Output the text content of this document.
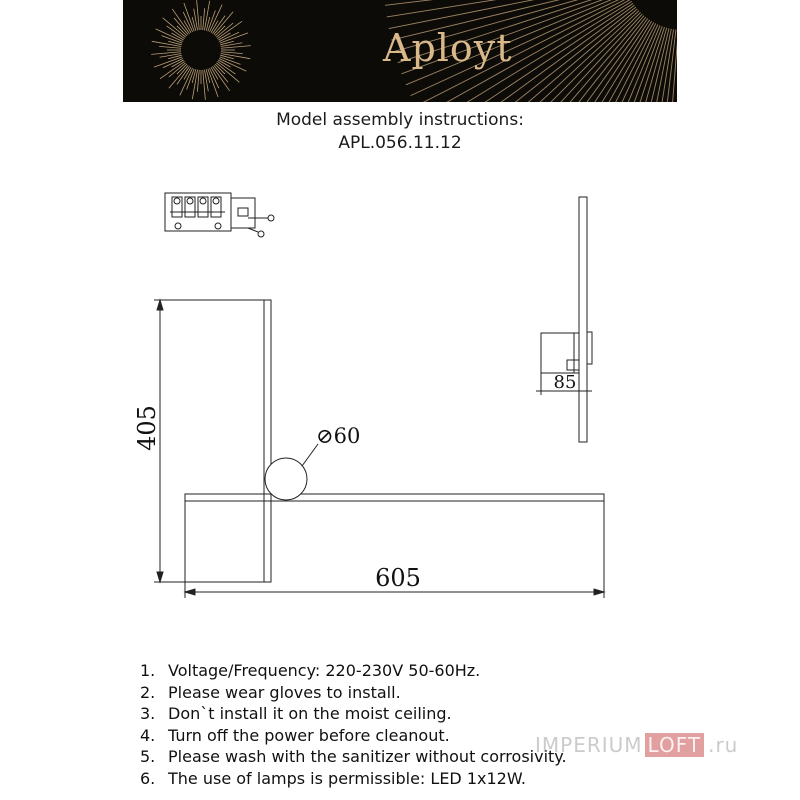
Aployt
Model assembly instructions:
APL.056.11.12
405
605
⊘60
85
1. Voltage/Frequency: 220-230V 50-60Hz.
2. Please wear gloves to install.
3. Don`t install it on the moist ceiling.
4. Turn off the power before cleanout.
5. Please wash with the sanitizer without corrosivity.
6. The use of lamps is permissible: LED 1x12W.
IMPERIUM LOFT .ru
